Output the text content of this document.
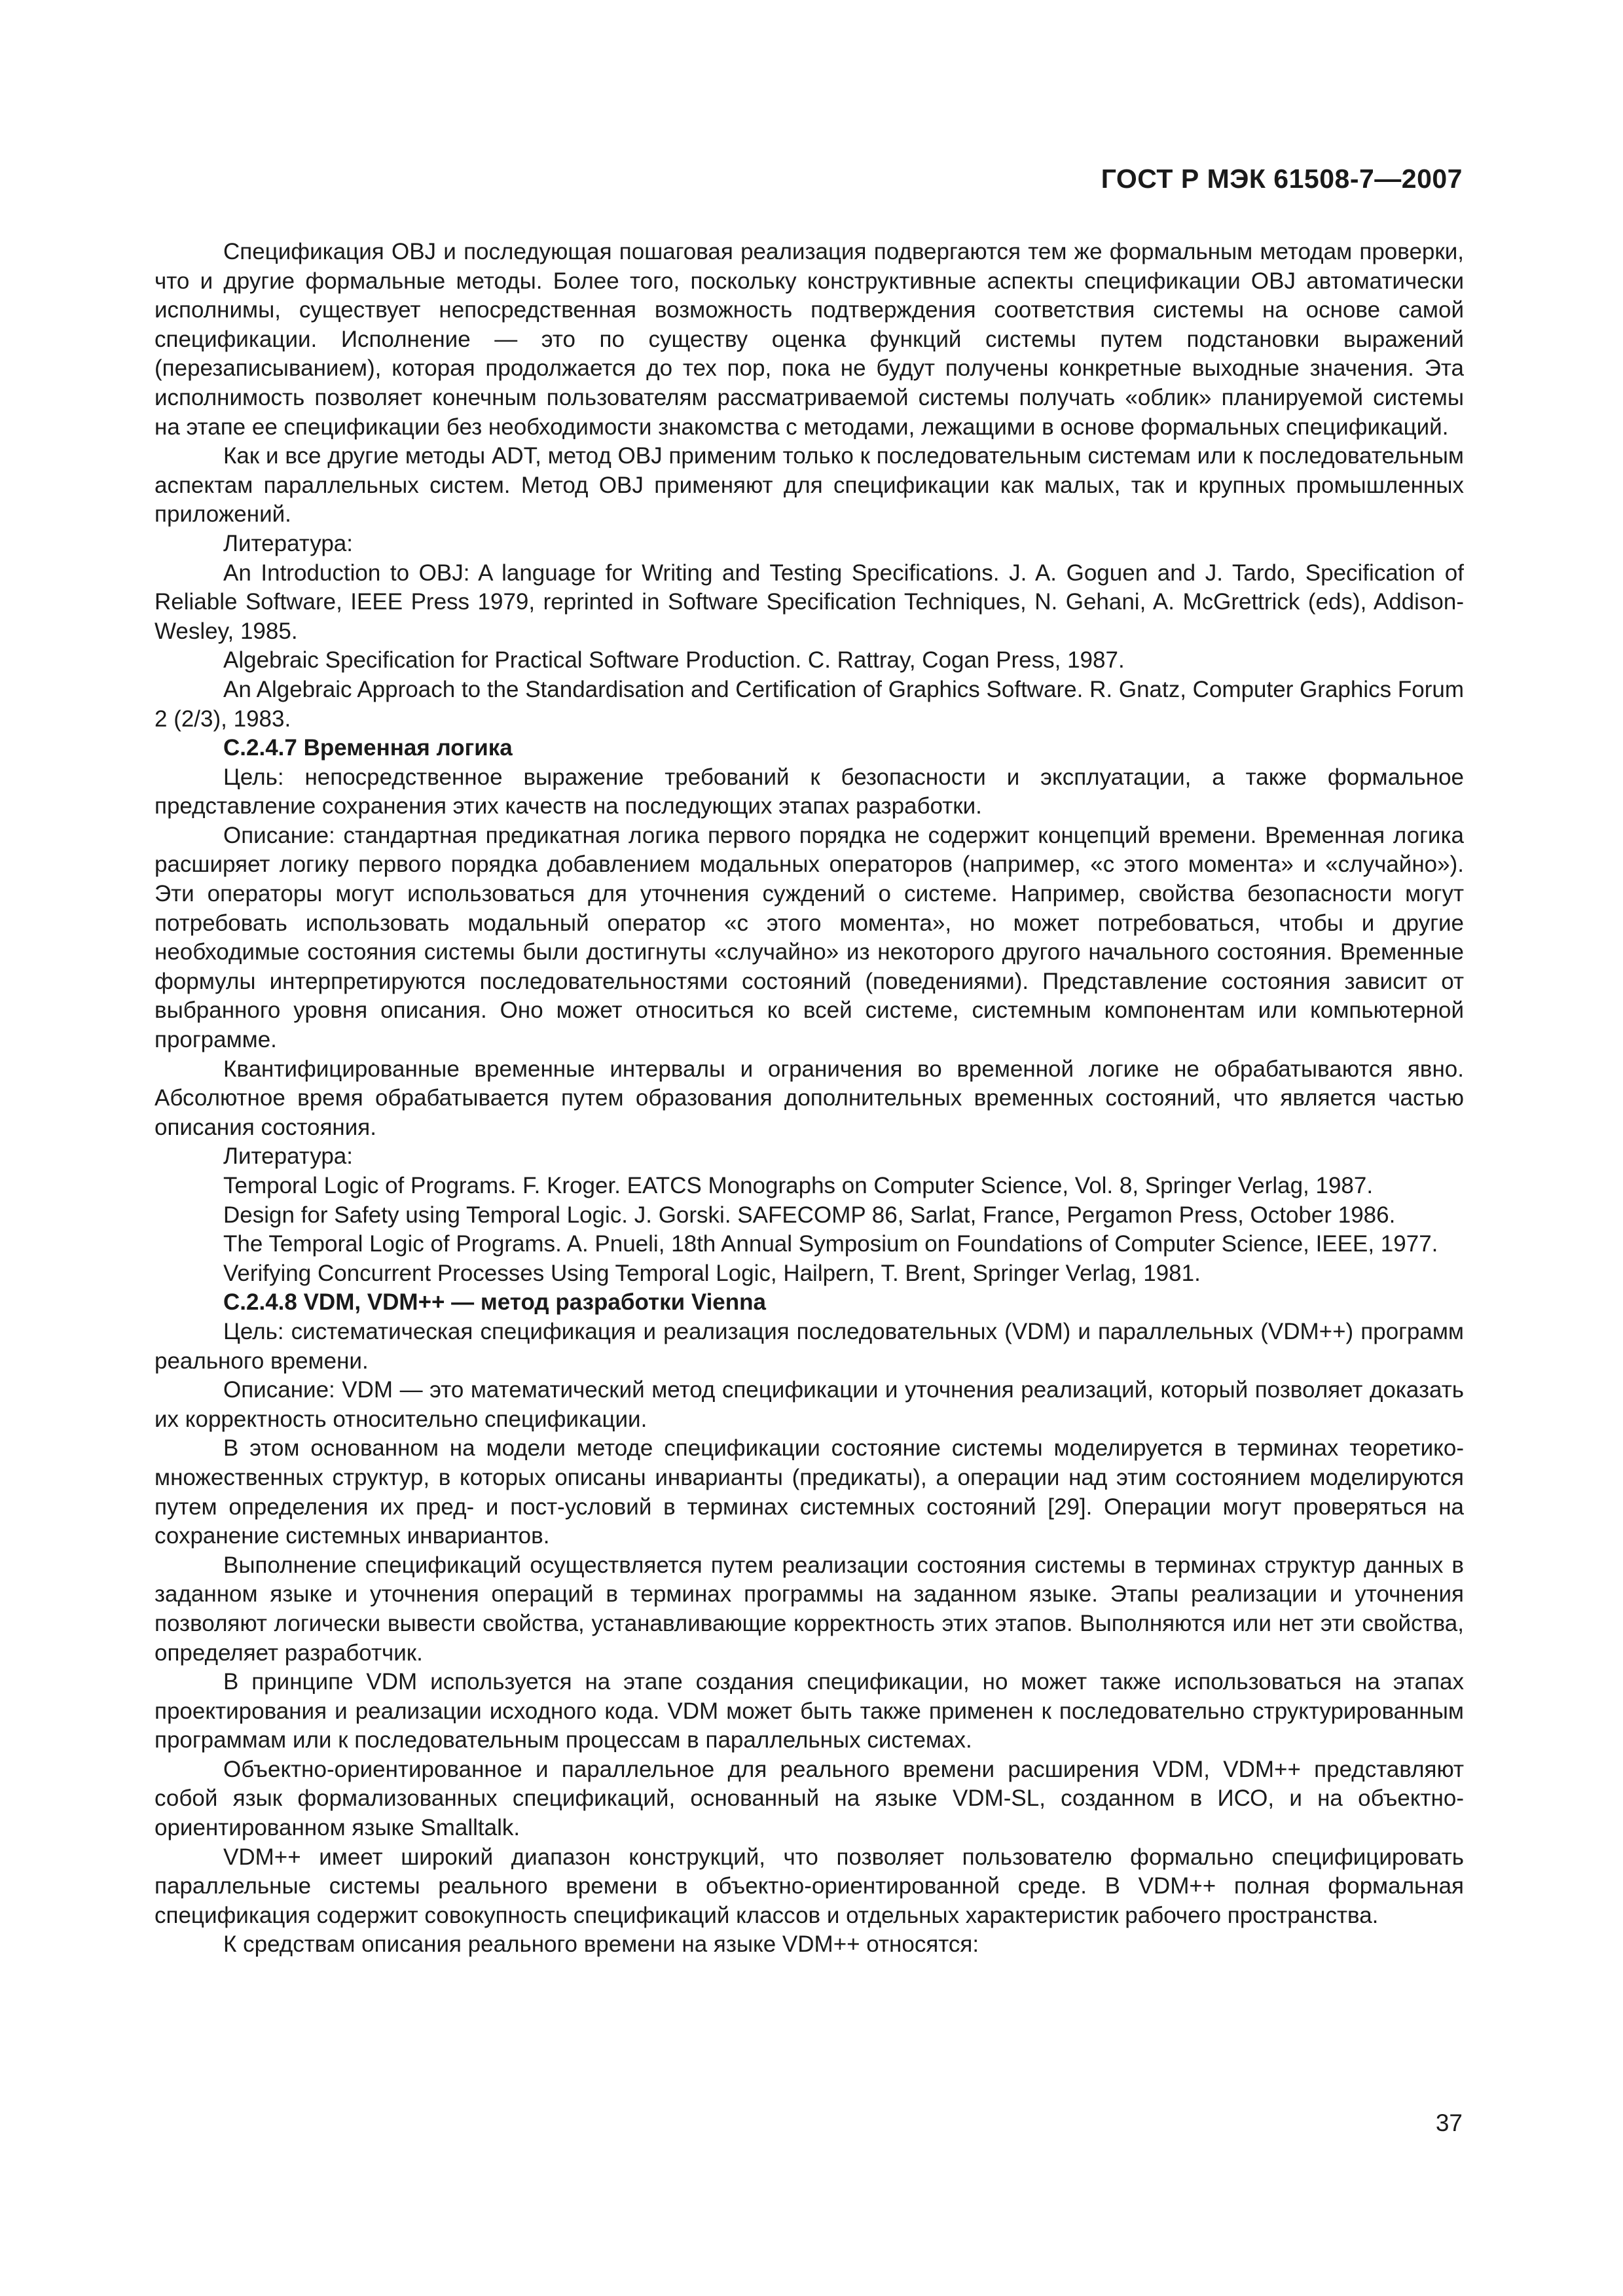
ГОСТ Р МЭК 61508-7—2007

Спецификация OBJ и последующая пошаговая реализация подвергаются тем же формальным методам проверки, что и другие формальные методы. Более того, поскольку конструктивные аспекты спецификации OBJ автоматически исполнимы, существует непосредственная возможность подтверждения соответствия системы на основе самой спецификации. Исполнение — это по существу оценка функций системы путем подстановки выражений (перезаписыванием), которая продолжается до тех пор, пока не будут получены конкретные выходные значения. Эта исполнимость позволяет конечным пользователям рассматриваемой системы получать «облик» планируемой системы на этапе ее спецификации без необходимости знакомства с методами, лежащими в основе формальных спецификаций.

Как и все другие методы ADT, метод OBJ применим только к последовательным системам или к последовательным аспектам параллельных систем. Метод OBJ применяют для спецификации как малых, так и крупных промышленных приложений.

Литература:

An Introduction to OBJ: A language for Writing and Testing Specifications. J. A. Goguen and J. Tardo, Specification of Reliable Software, IEEE Press 1979, reprinted in Software Specification Techniques, N. Gehani, A. McGrettrick (eds), Addison-Wesley, 1985.

Algebraic Specification for Practical Software Production. C. Rattray, Cogan Press, 1987.

An Algebraic Approach to the Standardisation and Certification of Graphics Software. R. Gnatz, Computer Graphics Forum 2 (2/3), 1983.

С.2.4.7 Временная логика

Цель: непосредственное выражение требований к безопасности и эксплуатации, а также формальное представление сохранения этих качеств на последующих этапах разработки.

Описание: стандартная предикатная логика первого порядка не содержит концепций времени. Временная логика расширяет логику первого порядка добавлением модальных операторов (например, «с этого момента» и «случайно»). Эти операторы могут использоваться для уточнения суждений о системе. Например, свойства безопасности могут потребовать использовать модальный оператор «с этого момента», но может потребоваться, чтобы и другие необходимые состояния системы были достигнуты «случайно» из некоторого другого начального состояния. Временные формулы интерпретируются последовательностями состояний (поведениями). Представление состояния зависит от выбранного уровня описания. Оно может относиться ко всей системе, системным компонентам или компьютерной программе.

Квантифицированные временные интервалы и ограничения во временной логике не обрабатываются явно. Абсолютное время обрабатывается путем образования дополнительных временных состояний, что является частью описания состояния.

Литература:

Temporal Logic of Programs. F. Kroger. EATCS Monographs on Computer Science, Vol. 8, Springer Verlag, 1987.

Design for Safety using Temporal Logic. J. Gorski. SAFECOMP 86, Sarlat, France, Pergamon Press, October 1986.

The Temporal Logic of Programs. A. Pnueli, 18th Annual Symposium on Foundations of Computer Science, IEEE, 1977.

Verifying Concurrent Processes Using Temporal Logic, Hailpern, T. Brent, Springer Verlag, 1981.

С.2.4.8 VDM, VDM++ — метод разработки Vienna

Цель: систематическая спецификация и реализация последовательных (VDM) и параллельных (VDM++) программ реального времени.

Описание: VDM — это математический метод спецификации и уточнения реализаций, который позволяет доказать их корректность относительно спецификации.

В этом основанном на модели методе спецификации состояние системы моделируется в терминах теоретико-множественных структур, в которых описаны инварианты (предикаты), а операции над этим состоянием моделируются путем определения их пред- и пост-условий в терминах системных состояний [29]. Операции могут проверяться на сохранение системных инвариантов.

Выполнение спецификаций осуществляется путем реализации состояния системы в терминах структур данных в заданном языке и уточнения операций в терминах программы на заданном языке. Этапы реализации и уточнения позволяют логически вывести свойства, устанавливающие корректность этих этапов. Выполняются или нет эти свойства, определяет разработчик.

В принципе VDM используется на этапе создания спецификации, но может также использоваться на этапах проектирования и реализации исходного кода. VDM может быть также применен к последовательно структурированным программам или к последовательным процессам в параллельных системах.

Объектно-ориентированное и параллельное для реального времени расширения VDM, VDM++ представляют собой язык формализованных спецификаций, основанный на языке VDM-SL, созданном в ИСО, и на объектно-ориентированном языке Smalltalk.

VDM++ имеет широкий диапазон конструкций, что позволяет пользователю формально специфицировать параллельные системы реального времени в объектно-ориентированной среде. В VDM++ полная формальная спецификация содержит совокупность спецификаций классов и отдельных характеристик рабочего пространства.

К средствам описания реального времени на языке VDM++ относятся:

37
